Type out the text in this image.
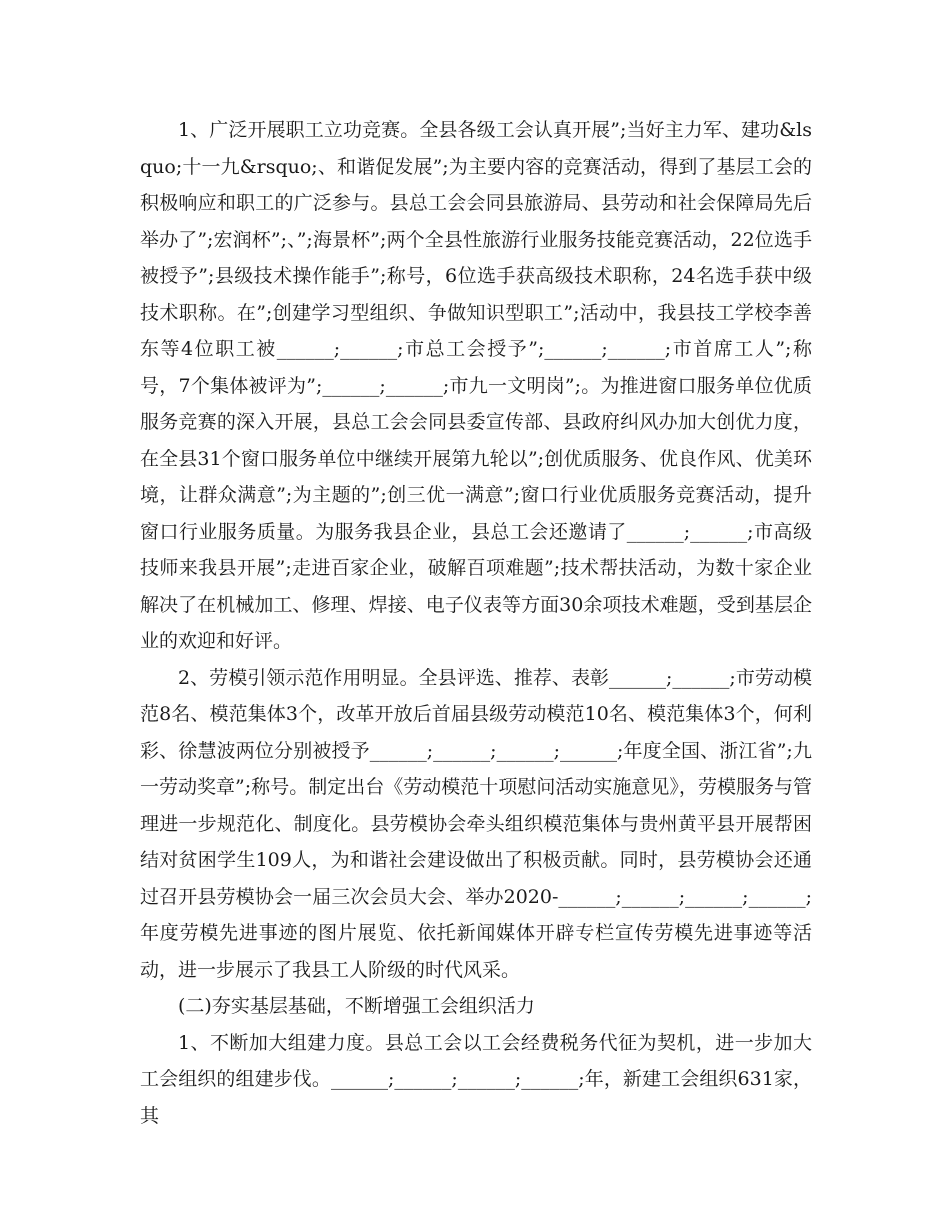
1、广泛开展职工立功竞赛。全县各级工会认真开展”;当好主力军、建功&lsquo;十一九&rsquo;、和谐促发展”;为主要内容的竞赛活动，得到了基层工会的积极响应和职工的广泛参与。县总工会会同县旅游局、县劳动和社会保障局先后举办了”;宏润杯”;、”;海景杯”;两个全县性旅游行业服务技能竞赛活动，22位选手被授予”;县级技术操作能手”;称号，6位选手获高级技术职称，24名选手获中级技术职称。在”;创建学习型组织、争做知识型职工”;活动中，我县技工学校李善东等4位职工被______;______;市总工会授予”;______;______;市首席工人”;称号，7个集体被评为”;______;______;市九一文明岗”;。为推进窗口服务单位优质服务竞赛的深入开展，县总工会会同县委宣传部、县政府纠风办加大创优力度，在全县31个窗口服务单位中继续开展第九轮以”;创优质服务、优良作风、优美环境，让群众满意”;为主题的”;创三优一满意”;窗口行业优质服务竞赛活动，提升窗口行业服务质量。为服务我县企业，县总工会还邀请了______;______;市高级技师来我县开展”;走进百家企业，破解百项难题”;技术帮扶活动，为数十家企业解决了在机械加工、修理、焊接、电子仪表等方面30余项技术难题，受到基层企业的欢迎和好评。

2、劳模引领示范作用明显。全县评选、推荐、表彰______;______;市劳动模范8名、模范集体3个，改革开放后首届县级劳动模范10名、模范集体3个，何利彩、徐慧波两位分别被授予______;______;______;______;年度全国、浙江省”;九一劳动奖章”;称号。制定出台《劳动模范十项慰问活动实施意见》，劳模服务与管理进一步规范化、制度化。县劳模协会牵头组织模范集体与贵州黄平县开展帮困结对贫困学生109人，为和谐社会建设做出了积极贡献。同时，县劳模协会还通过召开县劳模协会一届三次会员大会、举办2020-______;______;______;______;年度劳模先进事迹的图片展览、依托新闻媒体开辟专栏宣传劳模先进事迹等活动，进一步展示了我县工人阶级的时代风采。

(二)夯实基层基础，不断增强工会组织活力

1、不断加大组建力度。县总工会以工会经费税务代征为契机，进一步加大工会组织的组建步伐。______;______;______;______;年，新建工会组织631家，其
